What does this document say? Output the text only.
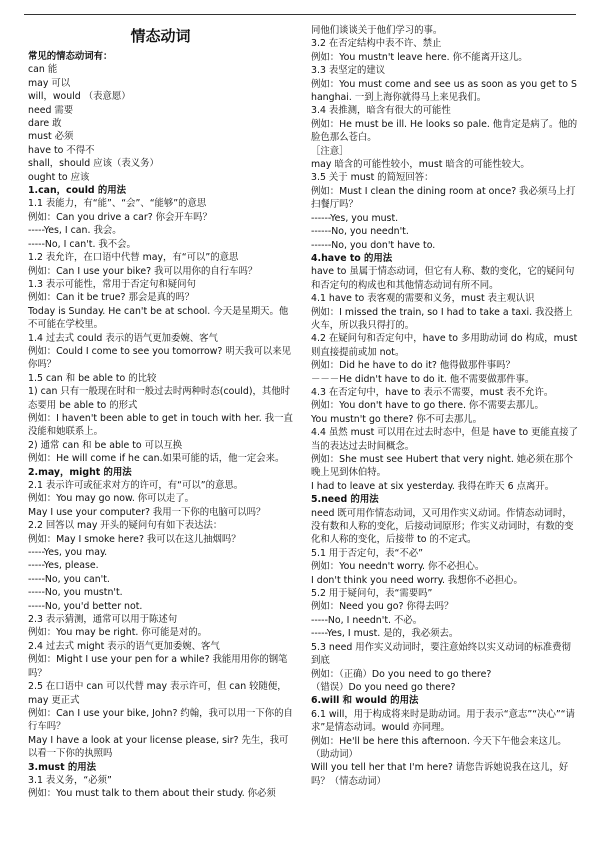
情态动词
常见的情态动词有：
can 能
may 可以
will，would （表意愿）
need 需要
dare 敢
must 必须
have to 不得不
shall，should 应该（表义务）
ought to 应该
1.can，could 的用法
1.1 表能力，有“能”、“会”、“能够”的意思
例如：Can you drive a car? 你会开车吗？
-----Yes, I can. 我会。
-----No, I can't. 我不会。
1.2 表允许，在口语中代替 may，有“可以”的意思
例如：Can I use your bike? 我可以用你的自行车吗？
1.3 表示可能性，常用于否定句和疑问句
例如：Can it be true? 那会是真的吗？
Today is Sunday. He can't be at school. 今天是星期天。他不可能在学校里。
1.4 过去式 could 表示的语气更加委婉、客气
例如：Could I come to see you tomorrow? 明天我可以来见你吗？
1.5 can 和 be able to 的比较
1) can 只有一般现在时和一般过去时两种时态(could)，其他时态要用 be able to 的形式
例如：I haven't been able to get in touch with her. 我一直没能和她联系上。
2) 通常 can 和 be able to 可以互换
例如：He will come if he can.如果可能的话，他一定会来。
2.may，might 的用法
2.1 表示许可或征求对方的许可，有“可以”的意思。
例如：You may go now. 你可以走了。
May I use your computer? 我用一下你的电脑可以吗？
2.2 回答以 may 开头的疑问句有如下表达法：
例如：May I smoke here? 我可以在这儿抽烟吗？
-----Yes, you may.
-----Yes, please.
-----No, you can't.
-----No, you mustn't.
-----No, you'd better not.
2.3 表示猜测，通常可以用于陈述句
例如：You may be right. 你可能是对的。
2.4 过去式 might 表示的语气更加委婉、客气
例如：Might I use your pen for a while? 我能用用你的钢笔吗？
2.5 在口语中 can 可以代替 may 表示许可，但 can 较随便，may 更正式
例如：Can I use your bike, John? 约翰，我可以用一下你的自行车吗？
May I have a look at your license please, sir? 先生，我可以看一下你的执照吗
3.must 的用法
3.1 表义务，“必须”
例如：You must talk to them about their study. 你必须
同他们谈谈关于他们学习的事。
3.2 在否定结构中表不许、禁止
例如：You mustn't leave here. 你不能离开这儿。
3.3 表坚定的建议
例如：You must come and see us as soon as you get to Shanghai. 一到上海你就得马上来见我们。
3.4 表推测，暗含有很大的可能性
例如：He must be ill. He looks so pale. 他肯定是病了。他的脸色那么苍白。
［注意］
may 暗含的可能性较小，must 暗含的可能性较大。
3.5 关于 must 的简短回答：
例如：Must I clean the dining room at once? 我必须马上打扫餐厅吗？
------Yes, you must.
------No, you needn't.
------No, you don't have to.
4.have to 的用法
have to 虽属于情态动词，但它有人称、数的变化，它的疑问句和否定句的构成也和其他情态动词有所不同。
4.1 have to 表客观的需要和义务，must 表主观认识
例如：I missed the train, so I had to take a taxi. 我没搭上火车，所以我只得打的。
4.2 在疑问句和否定句中，have to 多用助动词 do 构成，must 则直接提前或加 not。
例如：Did he have to do it? 他得做那件事吗？
－－－He didn't have to do it. 他不需要做那件事。
4.3 在否定句中，have to 表示不需要，must 表不允许。
例如：You don't have to go there. 你不需要去那儿。
You mustn't go there? 你不可去那儿。
4.4 虽然 must 可以用在过去时态中，但是 have to 更能直接了当的表达过去时间概念。
例如：She must see Hubert that very night. 她必须在那个晚上见到休伯特。
I had to leave at six yesterday. 我得在昨天 6 点离开。
5.need 的用法
need 既可用作情态动词，又可用作实义动词。作情态动词时，没有数和人称的变化，后接动词原形；作实义动词时，有数的变化和人称的变化，后接带 to 的不定式。
5.1 用于否定句，表“不必”
例如：You needn't worry. 你不必担心。
I don't think you need worry. 我想你不必担心。
5.2 用于疑问句，表“需要吗”
例如：Need you go? 你得去吗？
-----No, I needn't. 不必。
-----Yes, I must. 是的，我必须去。
5.3 need 用作实义动词时，要注意始终以实义动词的标准费彻到底
例如：（正确）Do you need to go there?
（错误）Do you need go there?
6.will 和 would 的用法
6.1 will，用于构成将来时是助动词。用于表示“意志”“决心”“请求”是情态动词。would 亦同理。
例如：He'll be here this afternoon. 今天下午他会来这儿。（助动词）
Will you tell her that I'm here? 请您告诉她说我在这儿，好吗？（情态动词）
